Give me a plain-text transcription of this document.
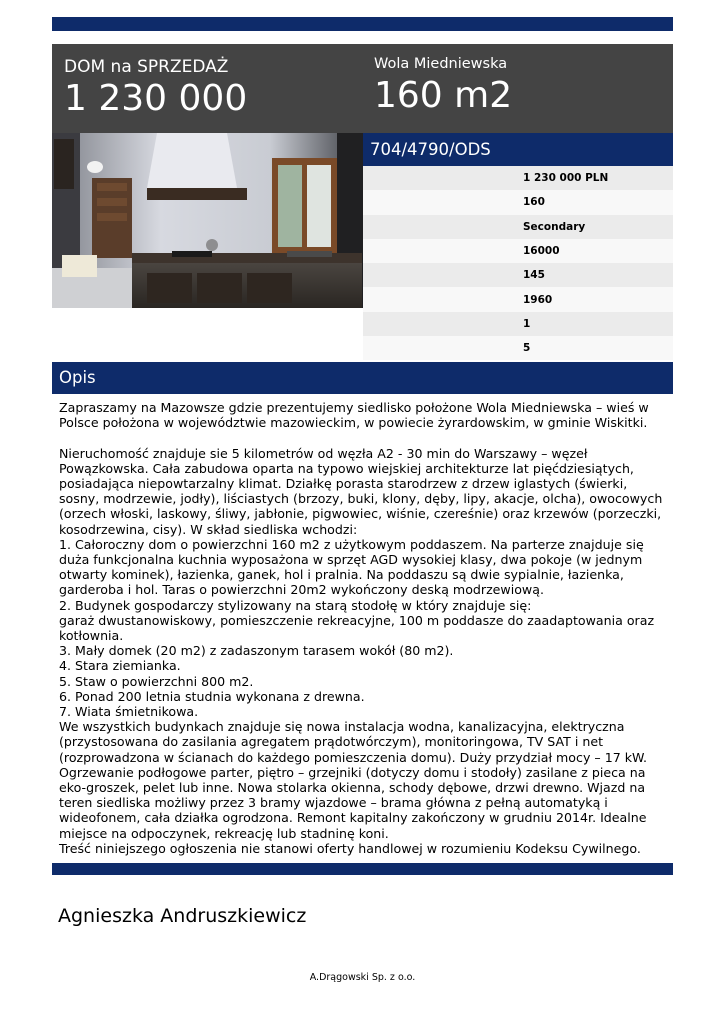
DOM na SPRZEDAŻ
1 230 000
Wola Miedniewska
160 m2
704/4790/ODS
1 230 000 PLN
160
Secondary
16000
145
1960
1
5
Opis
Zapraszamy na Mazowsze gdzie prezentujemy siedlisko położone Wola Miedniewska – wieś w Polsce położona w województwie mazowieckim, w powiecie żyrardowskim, w gminie Wiskitki.

Nieruchomość znajduje sie 5 kilometrów od węzła A2 - 30 min do Warszawy – węzeł Powązkowska. Cała zabudowa oparta na typowo wiejskiej architekturze lat pięćdziesiątych, posiadająca niepowtarzalny klimat. Działkę porasta starodrzew z drzew iglastych (świerki, sosny, modrzewie, jodły), liściastych (brzozy, buki, klony, dęby, lipy, akacje, olcha), owocowych (orzech włoski, laskowy, śliwy, jabłonie, pigwowiec, wiśnie, czereśnie) oraz krzewów (porzeczki, kosodrzewina, cisy). W skład siedliska wchodzi:
1. Całoroczny dom o powierzchni 160 m2 z użytkowym poddaszem. Na parterze znajduje się duża funkcjonalna kuchnia wyposażona w sprzęt AGD wysokiej klasy, dwa pokoje (w jednym otwarty kominek), łazienka, ganek, hol i pralnia. Na poddaszu są dwie sypialnie, łazienka, garderoba i hol. Taras o powierzchni 20m2 wykończony deską modrzewiową.
2. Budynek gospodarczy stylizowany na starą stodołę w który znajduje się:
garaż dwustanowiskowy, pomieszczenie rekreacyjne, 100 m poddasze do zaadaptowania oraz kotłownia.
3. Mały domek (20 m2) z zadaszonym tarasem wokół (80 m2).
4. Stara ziemianka.
5. Staw o powierzchni 800 m2.
6. Ponad 200 letnia studnia wykonana z drewna.
7. Wiata śmietnikowa.
We wszystkich budynkach znajduje się nowa instalacja wodna, kanalizacyjna, elektryczna (przystosowana do zasilania agregatem prądotwórczym), monitoringowa, TV SAT i net (rozprowadzona w ścianach do każdego pomieszczenia domu). Duży przydział mocy – 17 kW. Ogrzewanie podłogowe parter, piętro – grzejniki (dotyczy domu i stodoły) zasilane z pieca na eko-groszek, pelet lub inne. Nowa stolarka okienna, schody dębowe, drzwi drewno. Wjazd na teren siedliska możliwy przez 3 bramy wjazdowe – brama główna z pełną automatyką i wideofonem, cała działka ogrodzona. Remont kapitalny zakończony w grudniu 2014r. Idealne miejsce na odpoczynek, rekreację lub stadninę koni.
Treść niniejszego ogłoszenia nie stanowi oferty handlowej w rozumieniu Kodeksu Cywilnego.
Agnieszka Andruszkiewicz
A.Drągowski Sp. z o.o.
